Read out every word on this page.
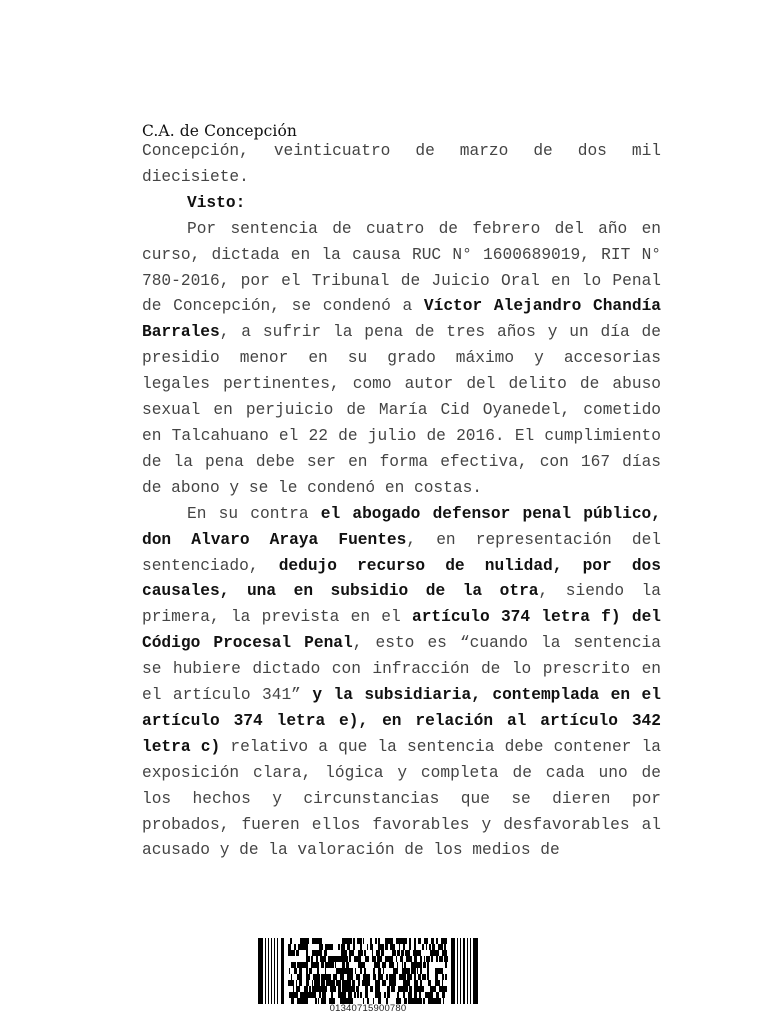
C.A. de Concepción

Concepción, veinticuatro de marzo de dos mil diecisiete.

Visto:

Por sentencia de cuatro de febrero del año en curso, dictada en la causa RUC N° 1600689019, RIT N° 780-2016, por el Tribunal de Juicio Oral en lo Penal de Concepción, se condenó a Víctor Alejandro Chandía Barrales, a sufrir la pena de tres años y un día de presidio menor en su grado máximo y accesorias legales pertinentes, como autor del delito de abuso sexual en perjuicio de María Cid Oyanedel, cometido en Talcahuano el 22 de julio de 2016. El cumplimiento de la pena debe ser en forma efectiva, con 167 días de abono y se le condenó en costas.

En su contra el abogado defensor penal público, don Alvaro Araya Fuentes, en representación del sentenciado, dedujo recurso de nulidad, por dos causales, una en subsidio de la otra, siendo la primera, la prevista en el artículo 374 letra f) del Código Procesal Penal, esto es “cuando la sentencia se hubiere dictado con infracción de lo prescrito en el artículo 341” y la subsidiaria, contemplada en el artículo 374 letra e), en relación al artículo 342 letra c) relativo a que la sentencia debe contener la exposición clara, lógica y completa de cada uno de los hechos y circunstancias que se dieren por probados, fueren ellos favorables y desfavorables al acusado y de la valoración de los medios de

01340715900780
